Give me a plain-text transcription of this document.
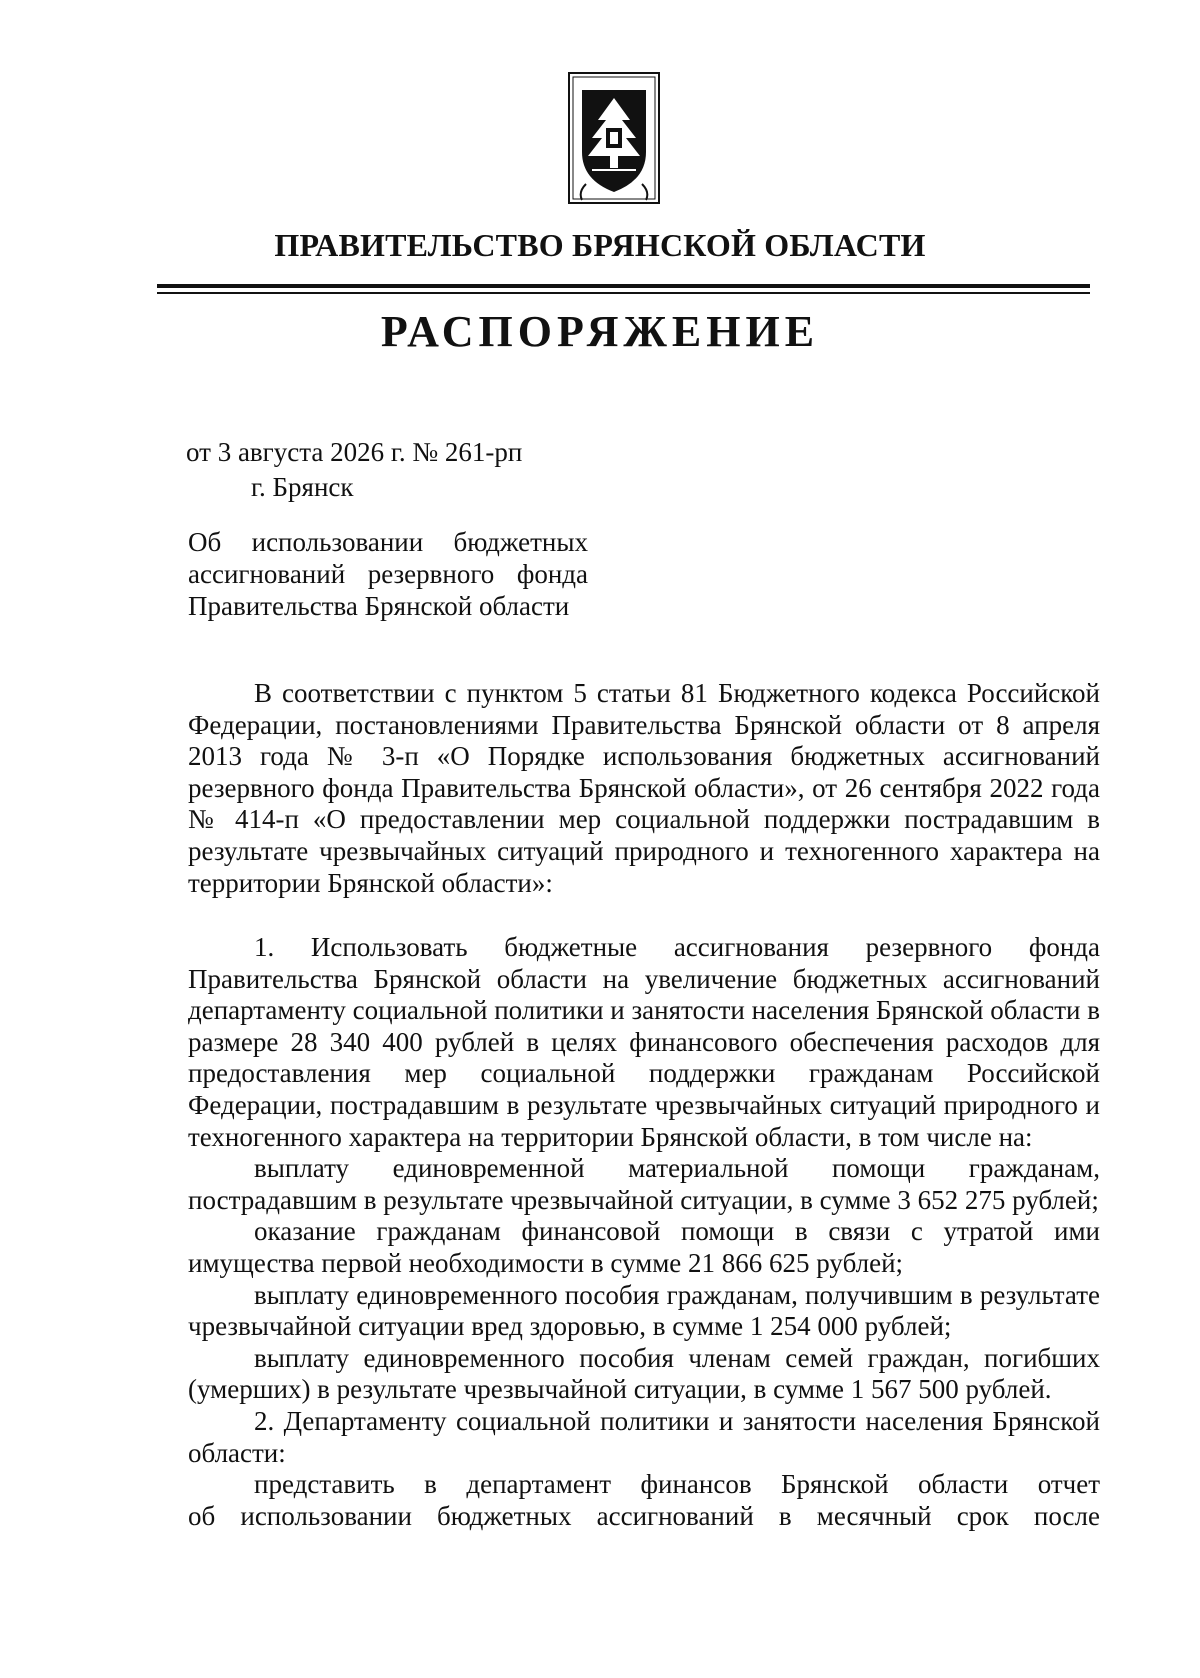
ПРАВИТЕЛЬСТВО БРЯНСКОЙ ОБЛАСТИ
РАСПОРЯЖЕНИЕ
от 3 августа 2026 г. № 261-рп
г. Брянск
Об использовании бюджетных
ассигнований резервного фонда
Правительства Брянской области

В соответствии с пунктом 5 статьи 81 Бюджетного кодекса Российской Федерации, постановлениями Правительства Брянской области от 8 апреля 2013 года № 3-п «О Порядке использования бюджетных ассигнований резервного фонда Правительства Брянской области», от 26 сентября 2022 года № 414-п «О предоставлении мер социальной поддержки пострадавшим в результате чрезвычайных ситуаций природного и техногенного характера на территории Брянской области»:

1. Использовать бюджетные ассигнования резервного фонда Правительства Брянской области на увеличение бюджетных ассигнований департаменту социальной политики и занятости населения Брянской области в размере 28 340 400 рублей в целях финансового обеспечения расходов для предоставления мер социальной поддержки гражданам Российской Федерации, пострадавшим в результате чрезвычайных ситуаций природного и техногенного характера на территории Брянской области, в том числе на:

выплату единовременной материальной помощи гражданам, пострадавшим в результате чрезвычайной ситуации, в сумме 3 652 275 рублей;

оказание гражданам финансовой помощи в связи с утратой ими имущества первой необходимости в сумме 21 866 625 рублей;

выплату единовременного пособия гражданам, получившим в результате чрезвычайной ситуации вред здоровью, в сумме 1 254 000 рублей;

выплату единовременного пособия членам семей граждан, погибших (умерших) в результате чрезвычайной ситуации, в сумме 1 567 500 рублей.

2. Департаменту социальной политики и занятости населения Брянской области:

представить в департамент финансов Брянской области отчет
об использовании бюджетных ассигнований в месячный срок после
